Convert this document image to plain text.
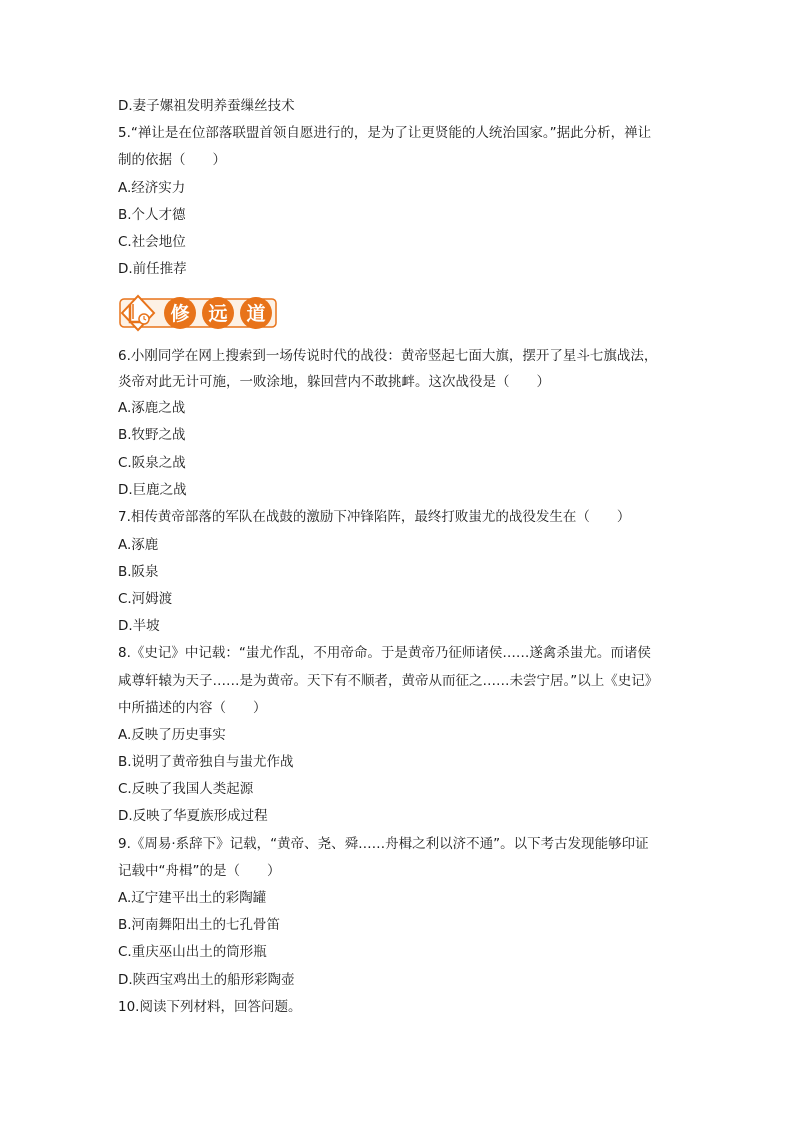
D.妻子嫘祖发明养蚕缫丝技术
5.“禅让是在位部落联盟首领自愿进行的，是为了让更贤能的人统治国家。”据此分析，禅让
制的依据（　　）
A.经济实力
B.个人才德
C.社会地位
D.前任推荐
修 远 道
6.小刚同学在网上搜索到一场传说时代的战役：黄帝竖起七面大旗，摆开了星斗七旗战法，
炎帝对此无计可施，一败涂地，躲回营内不敢挑衅。这次战役是（　　）
A.涿鹿之战
B.牧野之战
C.阪泉之战
D.巨鹿之战
7.相传黄帝部落的军队在战鼓的激励下冲锋陷阵，最终打败蚩尤的战役发生在（　　）
A.涿鹿
B.阪泉
C.河姆渡
D.半坡
8.《史记》中记载：“蚩尤作乱，不用帝命。于是黄帝乃征师诸侯……遂禽杀蚩尤。而诸侯
咸尊轩辕为天子……是为黄帝。天下有不顺者，黄帝从而征之……未尝宁居。”以上《史记》
中所描述的内容（　　）
A.反映了历史事实
B.说明了黄帝独自与蚩尤作战
C.反映了我国人类起源
D.反映了华夏族形成过程
9.《周易·系辞下》记载，“黄帝、尧、舜……舟楫之利以济不通”。以下考古发现能够印证
记载中“舟楫”的是（　　）
A.辽宁建平出土的彩陶罐
B.河南舞阳出土的七孔骨笛
C.重庆巫山出土的筒形瓶
D.陕西宝鸡出土的船形彩陶壶
10.阅读下列材料，回答问题。
